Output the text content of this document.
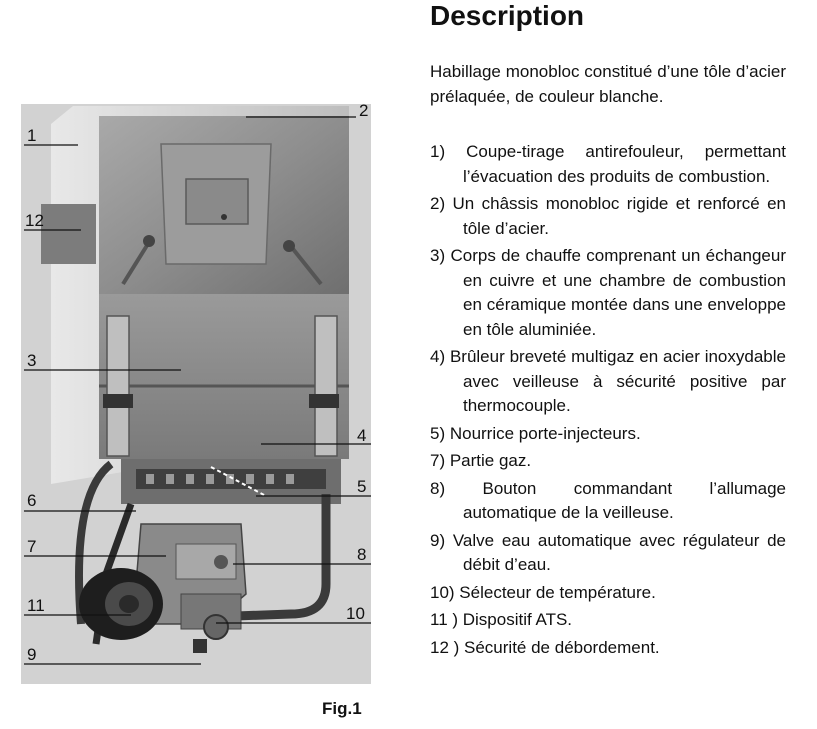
1
2
12
3
4
5
6
7	8
11	10
9
Fig.1
Description
Habillage monobloc constitué d’une tôle d’acier prélaquée, de couleur blanche.
1) Coupe-tirage antirefouleur, permettant l’évacuation des produits de combustion.
2) Un châssis monobloc rigide et renforcé en tôle d’acier.
3) Corps de chauffe comprenant un échangeur en cuivre et une chambre de combustion en céramique montée dans une enveloppe en tôle aluminiée.
4) Brûleur breveté multigaz en acier inoxydable avec veilleuse à sécurité positive par thermocouple.
5) Nourrice porte-injecteurs.
7) Partie gaz.
8) Bouton commandant l’allumage automatique de la veilleuse.
9) Valve eau automatique avec régulateur de débit d’eau.
10) Sélecteur de température.
11 ) Dispositif ATS.
12 ) Sécurité de débordement.
